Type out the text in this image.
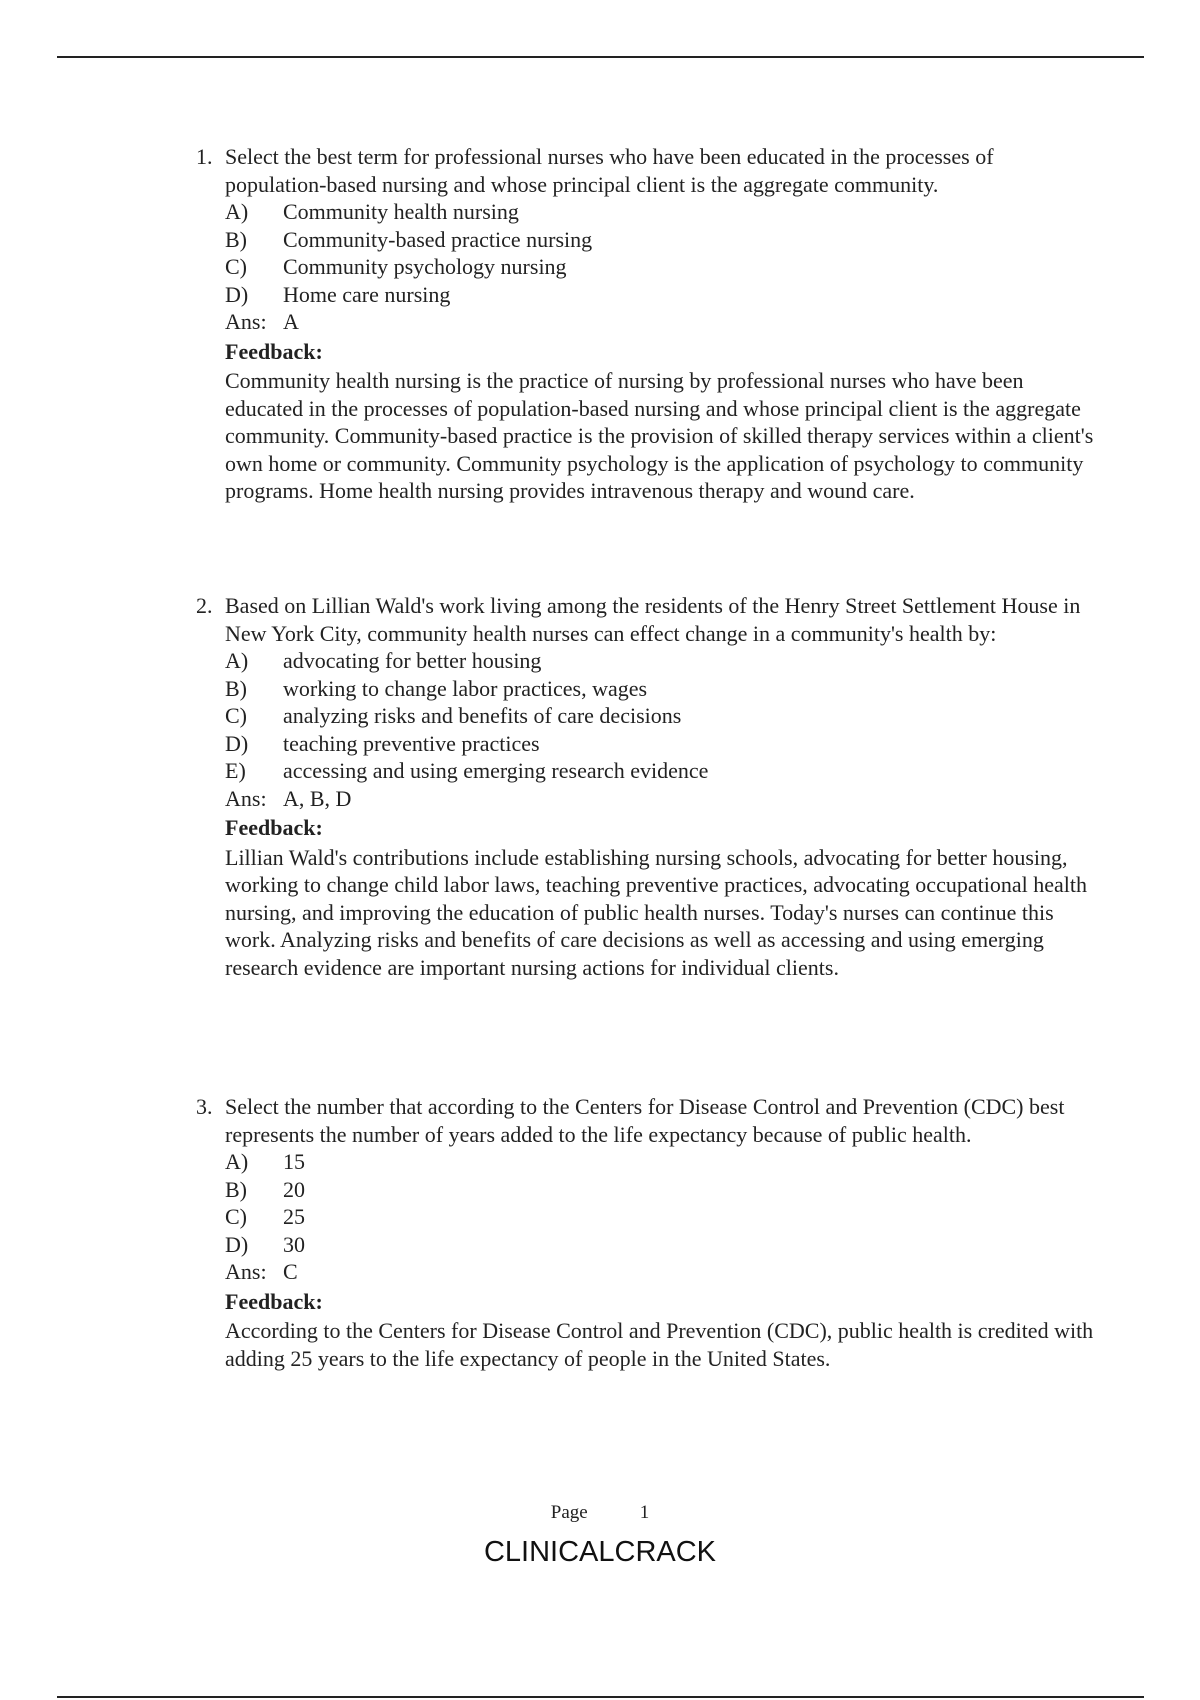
1. Select the best term for professional nurses who have been educated in the processes of population-based nursing and whose principal client is the aggregate community.

A)	Community health nursing
B)	Community-based practice nursing
C)	Community psychology nursing
D)	Home care nursing
Ans: A
Feedback:

Community health nursing is the practice of nursing by professional nurses who have been educated in the processes of population-based nursing and whose principal client is the aggregate community. Community-based practice is the provision of skilled therapy services within a client's own home or community. Community psychology is the application of psychology to community programs. Home health nursing provides intravenous therapy and wound care.

2. Based on Lillian Wald's work living among the residents of the Henry Street Settlement House in New York City, community health nurses can effect change in a community's health by:

A)	advocating for better housing
B)	working to change labor practices, wages
C)	analyzing risks and benefits of care decisions
D)	teaching preventive practices
E)	accessing and using emerging research evidence
Ans: A, B, D
Feedback:

Lillian Wald's contributions include establishing nursing schools, advocating for better housing, working to change child labor laws, teaching preventive practices, advocating occupational health nursing, and improving the education of public health nurses. Today's nurses can continue this work. Analyzing risks and benefits of care decisions as well as accessing and using emerging research evidence are important nursing actions for individual clients.

3. Select the number that according to the Centers for Disease Control and Prevention (CDC) best represents the number of years added to the life expectancy because of public health.

A)	15
B)	20
C)	25
D)	30
Ans: C
Feedback:

According to the Centers for Disease Control and Prevention (CDC), public health is credited with adding 25 years to the life expectancy of people in the United States.

Page	1
CLINICALCRACK
